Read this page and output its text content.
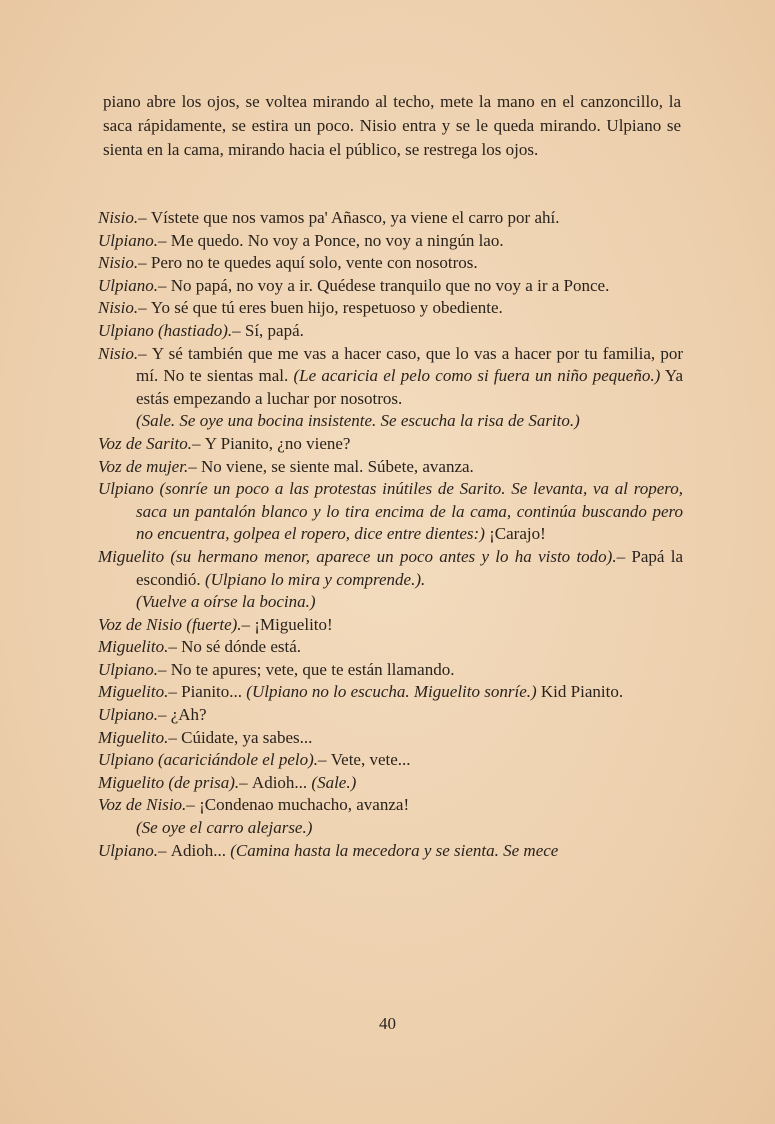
piano abre los ojos, se voltea mirando al techo, mete la mano en el canzoncillo, la saca rápidamente, se estira un poco. Nisio entra y se le queda mirando. Ulpiano se sienta en la cama, mirando hacia el público, se restrega los ojos.

Nisio.– Vístete que nos vamos pa' Añasco, ya viene el carro por ahí.

Ulpiano.– Me quedo. No voy a Ponce, no voy a ningún lao.

Nisio.– Pero no te quedes aquí solo, vente con nosotros.

Ulpiano.– No papá, no voy a ir. Quédese tranquilo que no voy a ir a Ponce.

Nisio.– Yo sé que tú eres buen hijo, respetuoso y obediente.

Ulpiano (hastiado).– Sí, papá.

Nisio.– Y sé también que me vas a hacer caso, que lo vas a hacer por tu familia, por mí. No te sientas mal. (Le acaricia el pelo como si fuera un niño pequeño.) Ya estás empezando a luchar por nosotros.

(Sale. Se oye una bocina insistente. Se escucha la risa de Sarito.)

Voz de Sarito.– Y Pianito, ¿no viene?

Voz de mujer.– No viene, se siente mal. Súbete, avanza.

Ulpiano (sonríe un poco a las protestas inútiles de Sarito. Se levanta, va al ropero, saca un pantalón blanco y lo tira encima de la cama, continúa buscando pero no encuentra, golpea el ropero, dice entre dientes:) ¡Carajo!

Miguelito (su hermano menor, aparece un poco antes y lo ha visto todo).– Papá la escondió. (Ulpiano lo mira y comprende.).

(Vuelve a oírse la bocina.)

Voz de Nisio (fuerte).– ¡Miguelito!

Miguelito.– No sé dónde está.

Ulpiano.– No te apures; vete, que te están llamando.

Miguelito.– Pianito... (Ulpiano no lo escucha. Miguelito sonríe.) Kid Pianito.

Ulpiano.– ¿Ah?

Miguelito.– Cúidate, ya sabes...

Ulpiano (acariciándole el pelo).– Vete, vete...

Miguelito (de prisa).– Adioh... (Sale.)

Voz de Nisio.– ¡Condenao muchacho, avanza!

(Se oye el carro alejarse.)

Ulpiano.– Adioh... (Camina hasta la mecedora y se sienta. Se mece

40
